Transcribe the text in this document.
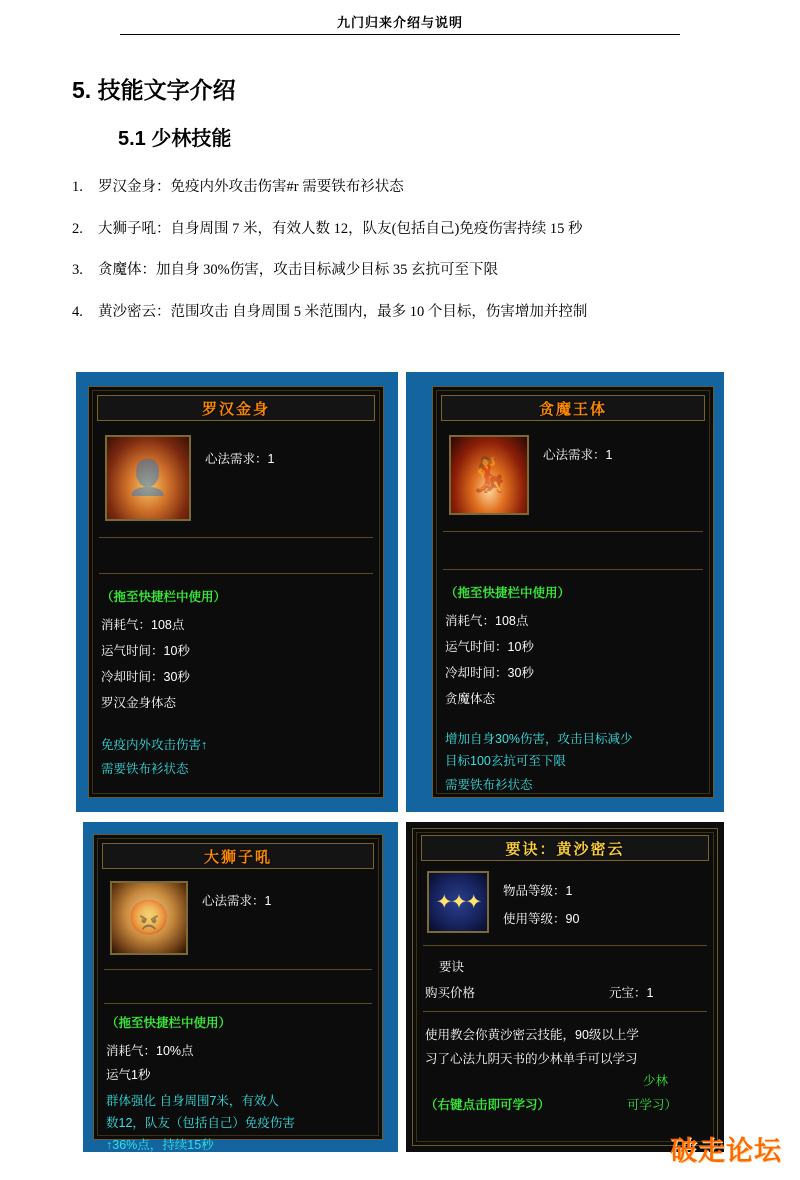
九门归来介绍与说明
5. 技能文字介绍
5.1 少林技能
1.	罗汉金身：免疫内外攻击伤害#r 需要铁布衫状态
2.	大狮子吼：自身周围 7 米，有效人数 12，队友(包括自己)免疫伤害持续 15 秒
3.	贪魔体：加自身 30%伤害，攻击目标减少目标 35 玄抗可至下限
4.	黄沙密云：范围攻击 自身周围 5 米范围内，最多 10 个目标，伤害增加并控制
罗汉金身
👤	心法需求：1
（拖至快捷栏中使用）
消耗气：108点
运气时间：10秒
冷却时间：30秒
罗汉金身体态
免疫内外攻击伤害↑
需要铁布衫状态
贪魔王体
💃
心法需求：1
（拖至快捷栏中使用）
消耗气：108点
运气时间：10秒
冷却时间：30秒
贪魔体态
增加自身30%伤害，攻击目标减少
目标100玄抗可至下限
需要铁布衫状态
大狮子吼
😡	心法需求：1
（拖至快捷栏中使用）
消耗气：10%点
运气1秒
群体强化 自身周围7米，有效人
数12，队友（包括自己）免疫伤害
↑36%点，持续15秒
要诀：黄沙密云
✦✦✦
物品等级：1
使用等级：90
要诀
购买价格	元宝：1
使用教会你黄沙密云技能，90级以上学
习了心法九阴天书的少林单手可以学习
少林
可学习）
（右键点击即可学习）
破走论坛
